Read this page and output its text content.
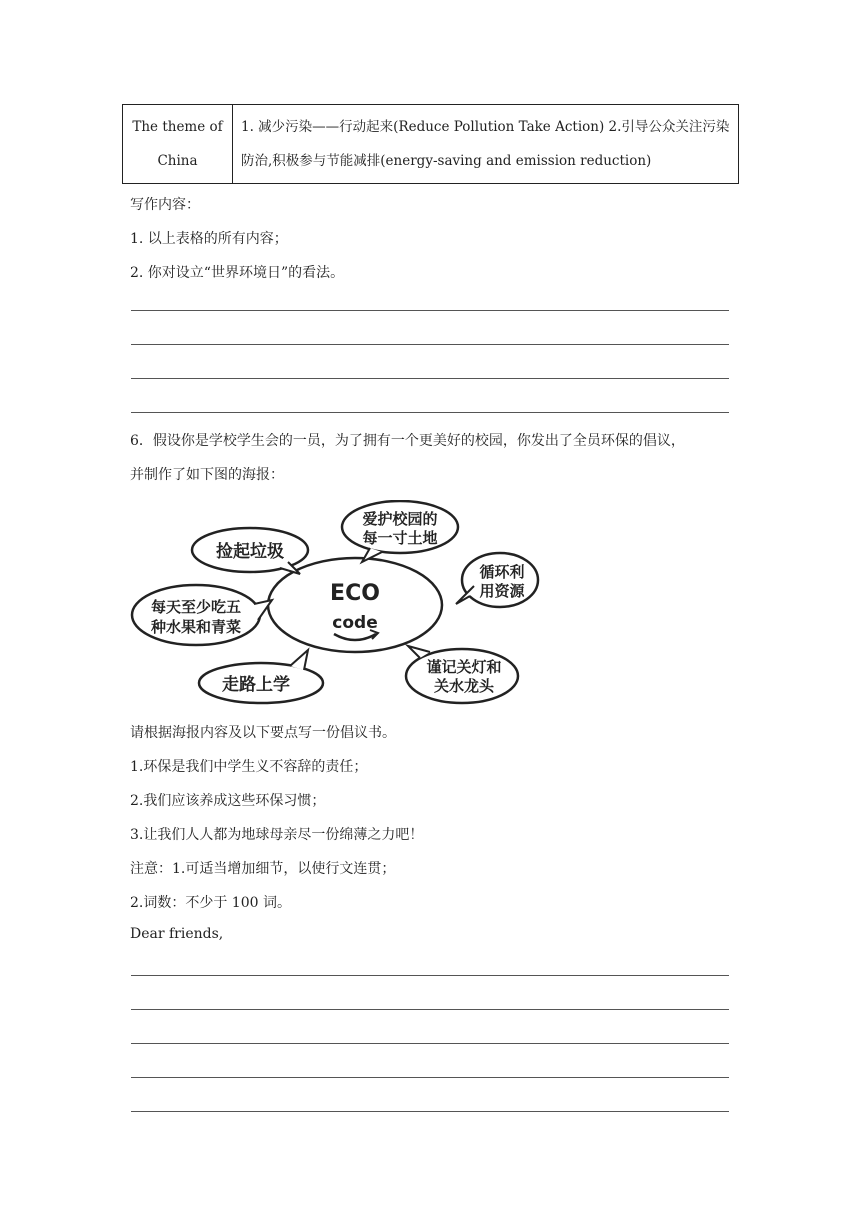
The theme of China	1. 减少污染——行动起来(Reduce Pollution Take Action) 2.引导公众关注污染防治,积极参与节能减排(energy-saving and emission reduction)
写作内容：
1. 以上表格的所有内容；
2. 你对设立“世界环境日”的看法。
6．假设你是学校学生会的一员，为了拥有一个更美好的校园，你发出了全员环保的倡议，
并制作了如下图的海报：
ECO
code
捡起垃圾
爱护校园的
每一寸土地
循环利
用资源
每天至少吃五
种水果和青菜
走路上学
谨记关灯和
关水龙头
请根据海报内容及以下要点写一份倡议书。
1.环保是我们中学生义不容辞的责任；
2.我们应该养成这些环保习惯；
3.让我们人人都为地球母亲尽一份绵薄之力吧！
注意：1.可适当增加细节，以使行文连贯；
2.词数：不少于 100 词。
Dear friends,
